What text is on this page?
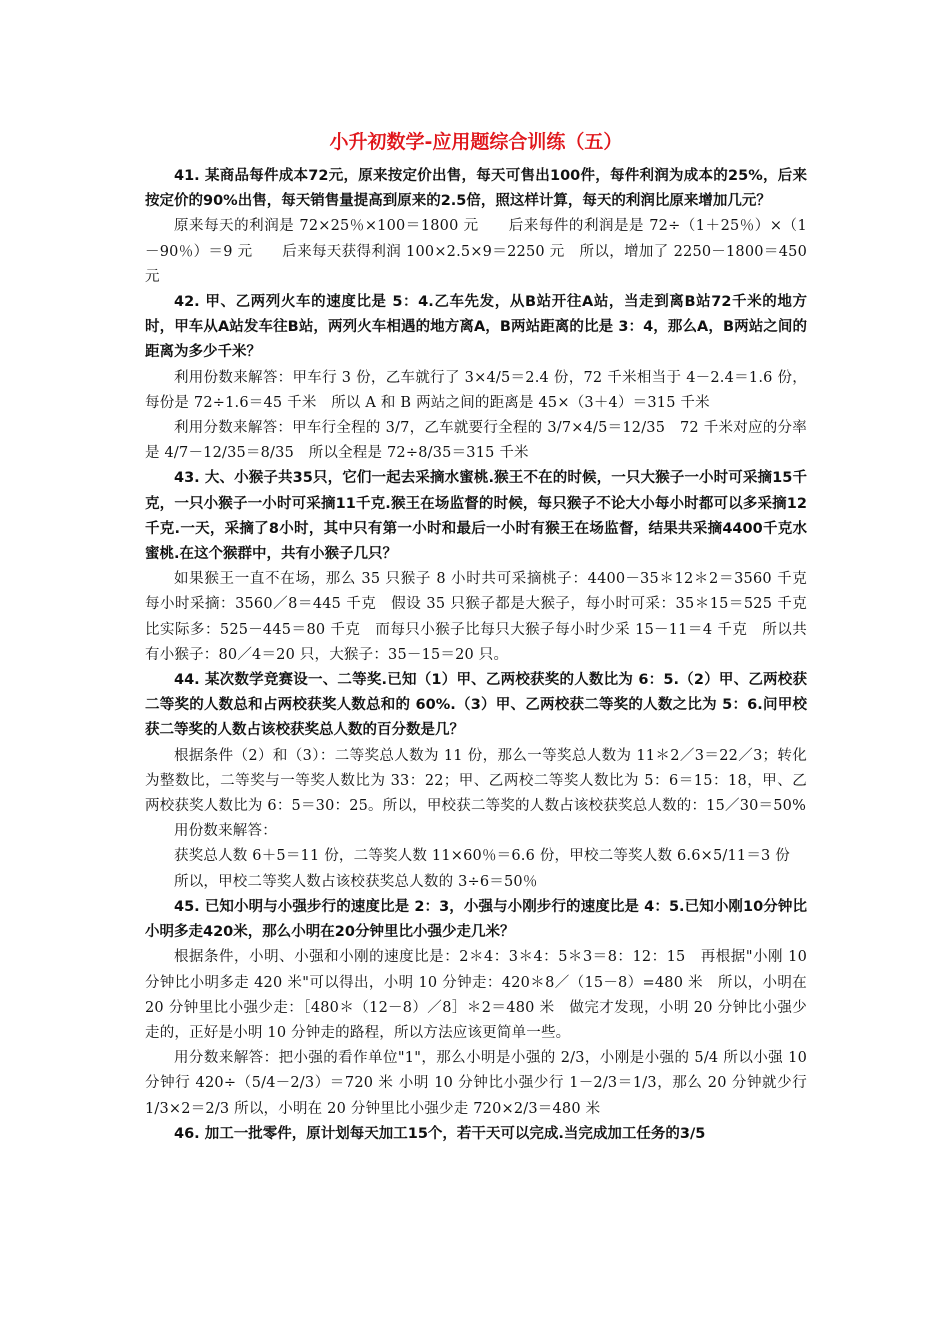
小升初数学-应用题综合训练（五）

41. 某商品每件成本72元，原来按定价出售，每天可售出100件，每件利润为成本的25%，后来按定价的90%出售，每天销售量提高到原来的2.5倍，照这样计算，每天的利润比原来增加几元？

原来每天的利润是 72×25％×100＝1800 元　　后来每件的利润是是 72÷（1＋25％）×（1－90％）＝9 元　　后来每天获得利润 100×2.5×9＝2250 元　所以，增加了 2250－1800＝450 元

42. 甲、乙两列火车的速度比是 5：4.乙车先发，从B站开往A站，当走到离B站72千米的地方时，甲车从A站发车往B站，两列火车相遇的地方离A，B两站距离的比是 3：4，那么A，B两站之间的距离为多少千米？

利用份数来解答：甲车行 3 份，乙车就行了 3×4/5＝2.4 份，72 千米相当于 4－2.4＝1.6 份，每份是 72÷1.6＝45 千米　所以 A 和 B 两站之间的距离是 45×（3＋4）＝315 千米

利用分数来解答：甲车行全程的 3/7，乙车就要行全程的 3/7×4/5＝12/35　72 千米对应的分率是 4/7－12/35＝8/35　所以全程是 72÷8/35＝315 千米

43. 大、小猴子共35只，它们一起去采摘水蜜桃.猴王不在的时候，一只大猴子一小时可采摘15千克，一只小猴子一小时可采摘11千克.猴王在场监督的时候，每只猴子不论大小每小时都可以多采摘12千克.一天，采摘了8小时，其中只有第一小时和最后一小时有猴王在场监督，结果共采摘4400千克水蜜桃.在这个猴群中，共有小猴子几只？

如果猴王一直不在场，那么 35 只猴子 8 小时共可采摘桃子：4400－35＊12＊2＝3560 千克　每小时采摘：3560／8＝445 千克　假设 35 只猴子都是大猴子，每小时可采：35＊15＝525 千克　比实际多：525－445＝80 千克　而每只小猴子比每只大猴子每小时少采 15－11＝4 千克　所以共有小猴子：80／4＝20 只，大猴子：35－15＝20 只。

44. 某次数学竞赛设一、二等奖.已知（1）甲、乙两校获奖的人数比为 6：5.（2）甲、乙两校获二等奖的人数总和占两校获奖人数总和的 60%.（3）甲、乙两校获二等奖的人数之比为 5：6.问甲校获二等奖的人数占该校获奖总人数的百分数是几？

根据条件（2）和（3）：二等奖总人数为 11 份，那么一等奖总人数为 11＊2／3＝22／3；转化为整数比，二等奖与一等奖人数比为 33：22；甲、乙两校二等奖人数比为 5：6＝15：18，甲、乙两校获奖人数比为 6：5＝30：25。所以，甲校获二等奖的人数占该校获奖总人数的：15／30＝50%

用份数来解答：

获奖总人数 6＋5＝11 份，二等奖人数 11×60％＝6.6 份，甲校二等奖人数 6.6×5/11＝3 份

所以，甲校二等奖人数占该校获奖总人数的 3÷6＝50％

45. 已知小明与小强步行的速度比是 2：3，小强与小刚步行的速度比是 4：5.已知小刚10分钟比小明多走420米，那么小明在20分钟里比小强少走几米？

根据条件，小明、小强和小刚的速度比是：2＊4：3＊4：5＊3＝8：12：15　再根据"小刚 10 分钟比小明多走 420 米"可以得出，小明 10 分钟走：420＊8／（15－8）=480 米　所以，小明在 20 分钟里比小强少走：［480＊（12－8）／8］＊2＝480 米　做完才发现，小明 20 分钟比小强少走的，正好是小明 10 分钟走的路程，所以方法应该更简单一些。

用分数来解答：把小强的看作单位"1"，那么小明是小强的 2/3，小刚是小强的 5/4 所以小强 10 分钟行 420÷（5/4－2/3）＝720 米 小明 10 分钟比小强少行 1－2/3＝1/3，那么 20 分钟就少行 1/3×2＝2/3 所以，小明在 20 分钟里比小强少走 720×2/3＝480 米

46. 加工一批零件，原计划每天加工15个，若干天可以完成.当完成加工任务的3/5
